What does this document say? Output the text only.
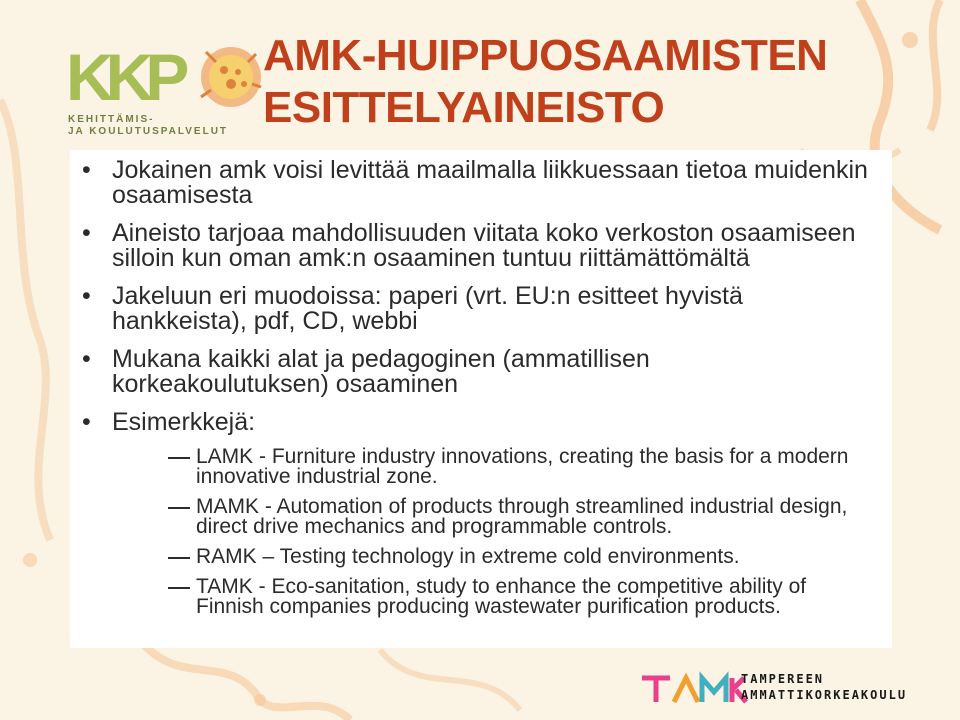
KKP
KEHITTÄMIS-
JA KOULUTUSPALVELUT
AMK-HUIPPUOSAAMISTEN ESITTELYAINEISTO
• Jokainen amk voisi levittää maailmalla liikkuessaan tietoa muidenkin osaamisesta
• Aineisto tarjoaa mahdollisuuden viitata koko verkoston osaamiseen silloin kun oman amk:n osaaminen tuntuu riittämättömältä
• Jakeluun eri muodoissa: paperi (vrt. EU:n esitteet hyvistä hankkeista), pdf, CD, webbi
• Mukana kaikki alat ja pedagoginen (ammatillisen korkeakoulutuksen) osaaminen
• Esimerkkejä:
LAMK - Furniture industry innovations, creating the basis for a modern innovative industrial zone.
MAMK - Automation of products through streamlined industrial design, direct drive mechanics and programmable controls.
RAMK – Testing technology in extreme cold environments.
TAMK - Eco-sanitation, study to enhance the competitive ability of Finnish companies producing wastewater purification products.
TAMPEREEN
AMMATTIKORKEAKOULU
